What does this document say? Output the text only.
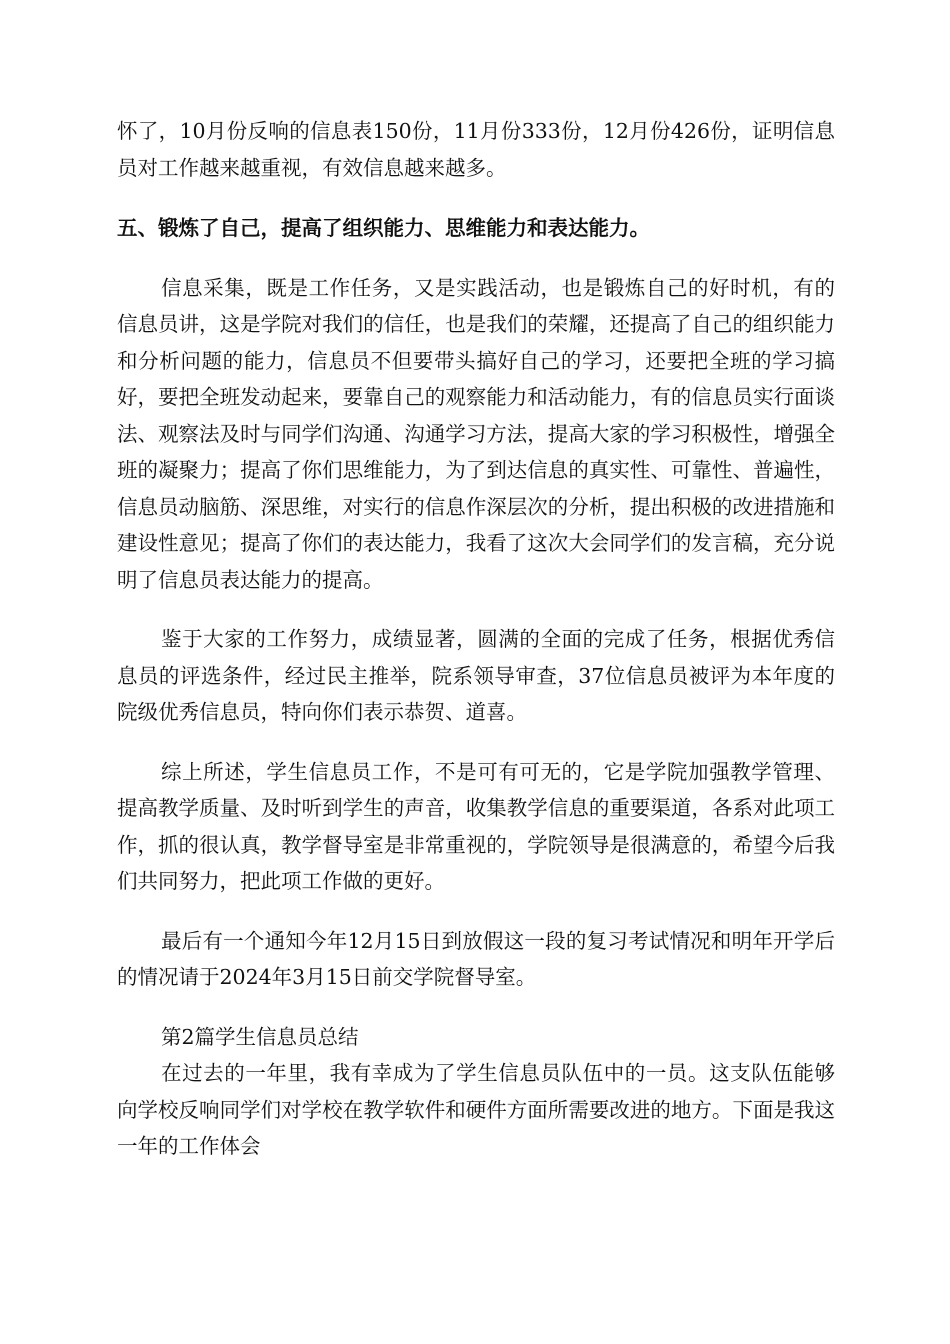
怀了，10月份反响的信息表150份，11月份333份，12月份426份，证明信息员对工作越来越重视，有效信息越来越多。

五、锻炼了自己，提高了组织能力、思维能力和表达能力。

信息采集，既是工作任务，又是实践活动，也是锻炼自己的好时机，有的信息员讲，这是学院对我们的信任，也是我们的荣耀，还提高了自己的组织能力和分析问题的能力，信息员不但要带头搞好自己的学习，还要把全班的学习搞好，要把全班发动起来，要靠自己的观察能力和活动能力，有的信息员实行面谈法、观察法及时与同学们沟通、沟通学习方法，提高大家的学习积极性，增强全班的凝聚力；提高了你们思维能力，为了到达信息的真实性、可靠性、普遍性，信息员动脑筋、深思维，对实行的信息作深层次的分析，提出积极的改进措施和建设性意见；提高了你们的表达能力，我看了这次大会同学们的发言稿，充分说明了信息员表达能力的提高。

鉴于大家的工作努力，成绩显著，圆满的全面的完成了任务，根据优秀信息员的评选条件，经过民主推举，院系领导审查，37位信息员被评为本年度的院级优秀信息员，特向你们表示恭贺、道喜。

综上所述，学生信息员工作，不是可有可无的，它是学院加强教学管理、提高教学质量、及时听到学生的声音，收集教学信息的重要渠道，各系对此项工作，抓的很认真，教学督导室是非常重视的，学院领导是很满意的，希望今后我们共同努力，把此项工作做的更好。

最后有一个通知今年12月15日到放假这一段的复习考试情况和明年开学后的情况请于2024年3月15日前交学院督导室。

第2篇学生信息员总结

在过去的一年里，我有幸成为了学生信息员队伍中的一员。这支队伍能够向学校反响同学们对学校在教学软件和硬件方面所需要改进的地方。下面是我这一年的工作体会
